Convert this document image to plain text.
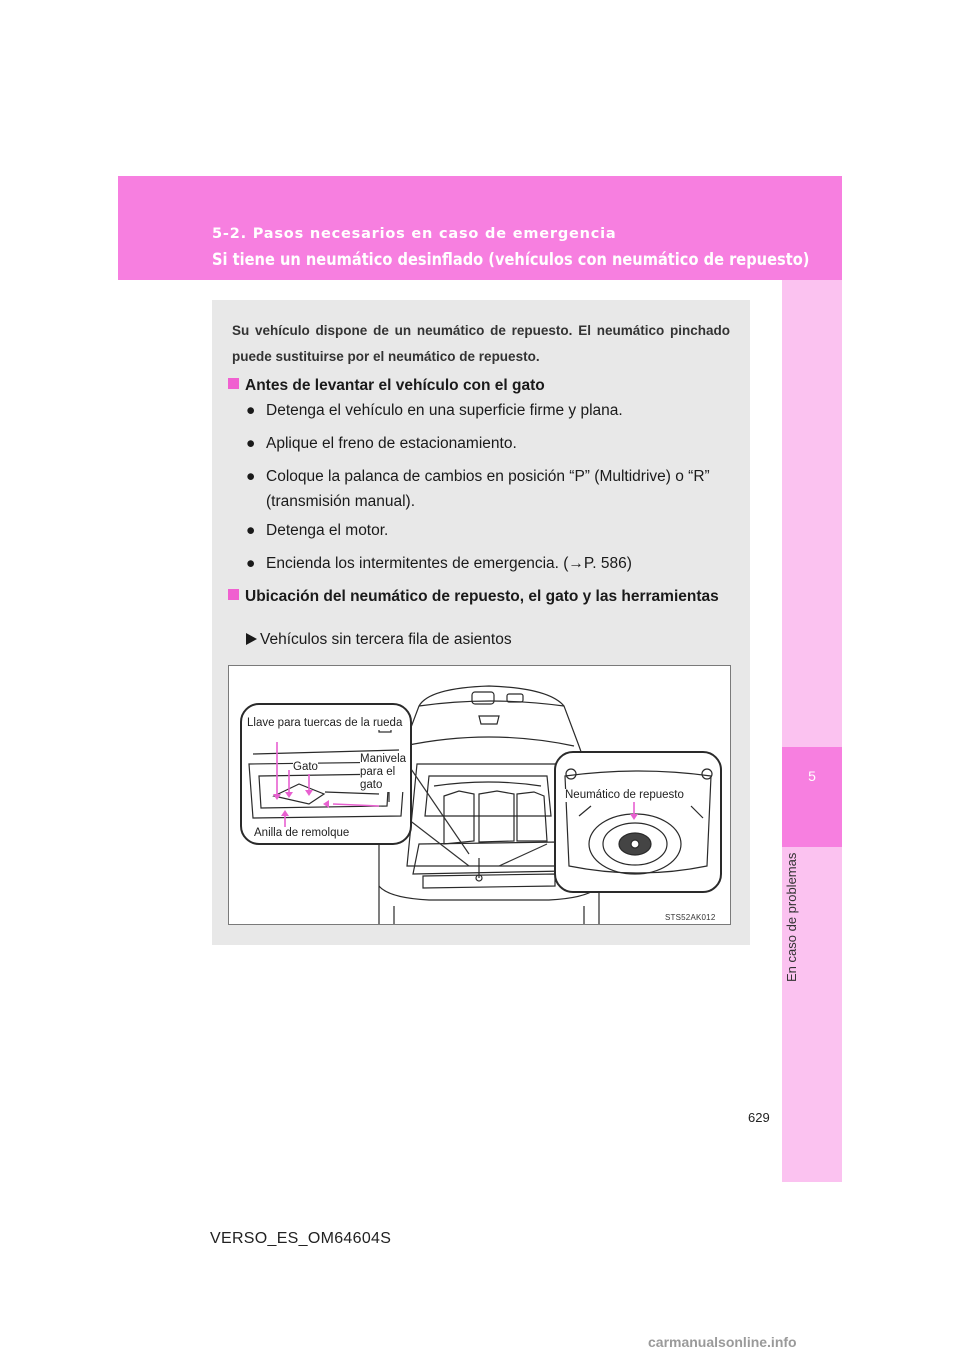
5-2. Pasos necesarios en caso de emergencia
Si tiene un neumático desinflado (vehículos con neumático de repuesto)
5
En caso de problemas
Su vehículo dispone de un neumático de repuesto. El neumático pinchado puede sustituirse por el neumático de repuesto.
Antes de levantar el vehículo con el gato
● Detenga el vehículo en una superficie firme y plana.
● Aplique el freno de estacionamiento.
● Coloque la palanca de cambios en posición “P” (Multidrive) o “R” (transmisión manual).
● Detenga el motor.
● Encienda los intermitentes de emergencia. (→P. 586)
Ubicación del neumático de repuesto, el gato y las herramientas
Vehículos sin tercera fila de asientos
Llave para tuercas de la rueda
Gato
Manivela para el gato
Anilla de remolque
Neumático de repuesto
STS52AK012
629
VERSO_ES_OM64604S
carmanualsonline.info
